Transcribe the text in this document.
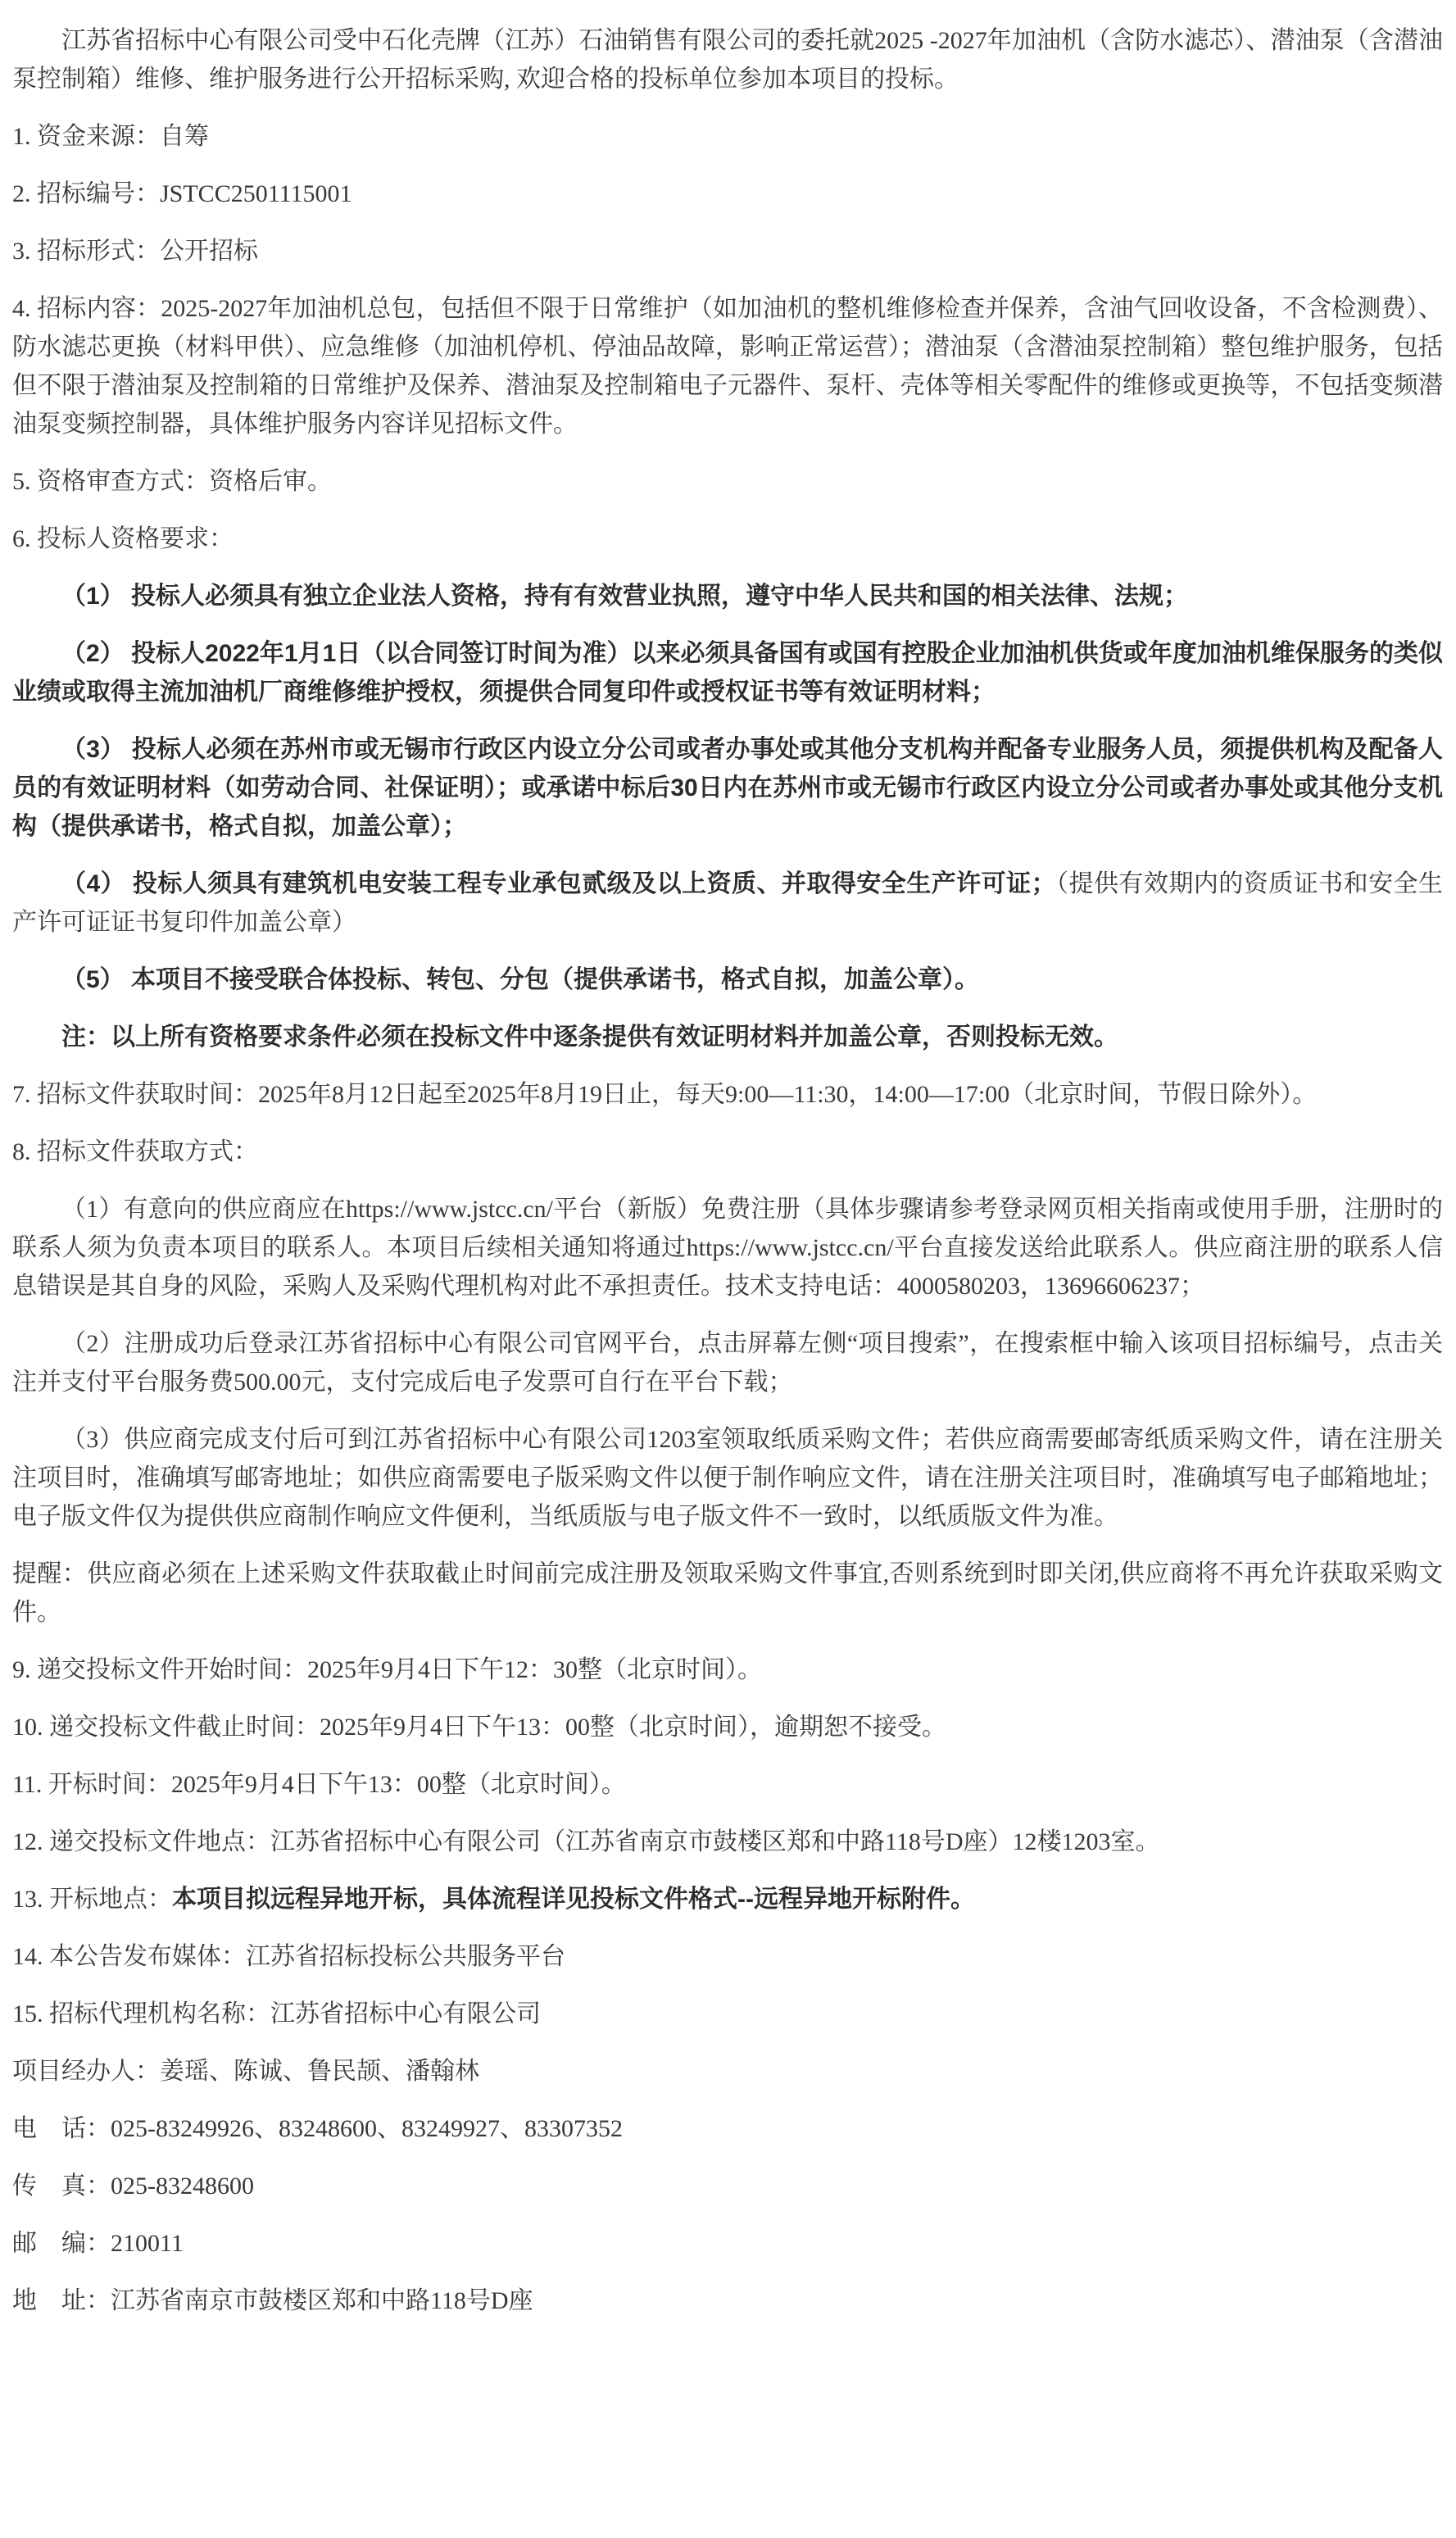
江苏省招标中心有限公司受中石化壳牌（江苏）石油销售有限公司的委托就2025 -2027年加油机（含防水滤芯）、潜油泵（含潜油泵控制箱）维修、维护服务进行公开招标采购, 欢迎合格的投标单位参加本项目的投标。

1. 资金来源：自筹

2. 招标编号：JSTCC2501115001

3. 招标形式：公开招标

4. 招标内容：2025-2027年加油机总包，包括但不限于日常维护（如加油机的整机维修检查并保养，含油气回收设备，不含检测费）、防水滤芯更换（材料甲供）、应急维修（加油机停机、停油品故障，影响正常运营）；潜油泵（含潜油泵控制箱）整包维护服务，包括但不限于潜油泵及控制箱的日常维护及保养、潜油泵及控制箱电子元器件、泵杆、壳体等相关零配件的维修或更换等，不包括变频潜油泵变频控制器，具体维护服务内容详见招标文件。

5. 资格审查方式：资格后审。

6. 投标人资格要求：

（1） 投标人必须具有独立企业法人资格，持有有效营业执照，遵守中华人民共和国的相关法律、法规；

（2） 投标人2022年1月1日（以合同签订时间为准）以来必须具备国有或国有控股企业加油机供货或年度加油机维保服务的类似业绩或取得主流加油机厂商维修维护授权，须提供合同复印件或授权证书等有效证明材料；

（3） 投标人必须在苏州市或无锡市行政区内设立分公司或者办事处或其他分支机构并配备专业服务人员，须提供机构及配备人员的有效证明材料（如劳动合同、社保证明）；或承诺中标后30日内在苏州市或无锡市行政区内设立分公司或者办事处或其他分支机构（提供承诺书，格式自拟，加盖公章）；

（4） 投标人须具有建筑机电安装工程专业承包贰级及以上资质、并取得安全生产许可证；（提供有效期内的资质证书和安全生产许可证证书复印件加盖公章）

（5） 本项目不接受联合体投标、转包、分包（提供承诺书，格式自拟，加盖公章）。

注：以上所有资格要求条件必须在投标文件中逐条提供有效证明材料并加盖公章，否则投标无效。

7. 招标文件获取时间：2025年8月12日起至2025年8月19日止，每天9:00—11:30，14:00—17:00（北京时间，节假日除外）。

8. 招标文件获取方式：

（1）有意向的供应商应在https://www.jstcc.cn/平台（新版）免费注册（具体步骤请参考登录网页相关指南或使用手册，注册时的联系人须为负责本项目的联系人。本项目后续相关通知将通过https://www.jstcc.cn/平台直接发送给此联系人。供应商注册的联系人信息错误是其自身的风险，采购人及采购代理机构对此不承担责任。技术支持电话：4000580203，13696606237；

（2）注册成功后登录江苏省招标中心有限公司官网平台，点击屏幕左侧“项目搜索”，在搜索框中输入该项目招标编号，点击关注并支付平台服务费500.00元，支付完成后电子发票可自行在平台下载；

（3）供应商完成支付后可到江苏省招标中心有限公司1203室领取纸质采购文件；若供应商需要邮寄纸质采购文件，请在注册关注项目时，准确填写邮寄地址；如供应商需要电子版采购文件以便于制作响应文件，请在注册关注项目时，准确填写电子邮箱地址；电子版文件仅为提供供应商制作响应文件便利，当纸质版与电子版文件不一致时，以纸质版文件为准。

提醒：供应商必须在上述采购文件获取截止时间前完成注册及领取采购文件事宜,否则系统到时即关闭,供应商将不再允许获取采购文件。

9. 递交投标文件开始时间：2025年9月4日下午12：30整（北京时间）。

10. 递交投标文件截止时间：2025年9月4日下午13：00整（北京时间），逾期恕不接受。

11. 开标时间：2025年9月4日下午13：00整（北京时间）。

12. 递交投标文件地点：江苏省招标中心有限公司（江苏省南京市鼓楼区郑和中路118号D座）12楼1203室。

13. 开标地点：本项目拟远程异地开标，具体流程详见投标文件格式--远程异地开标附件。

14. 本公告发布媒体：江苏省招标投标公共服务平台

15. 招标代理机构名称：江苏省招标中心有限公司

项目经办人：姜瑶、陈诚、鲁民颉、潘翰林

电　话：025-83249926、83248600、83249927、83307352

传　真：025-83248600

邮　编：210011

地　址：江苏省南京市鼓楼区郑和中路118号D座
